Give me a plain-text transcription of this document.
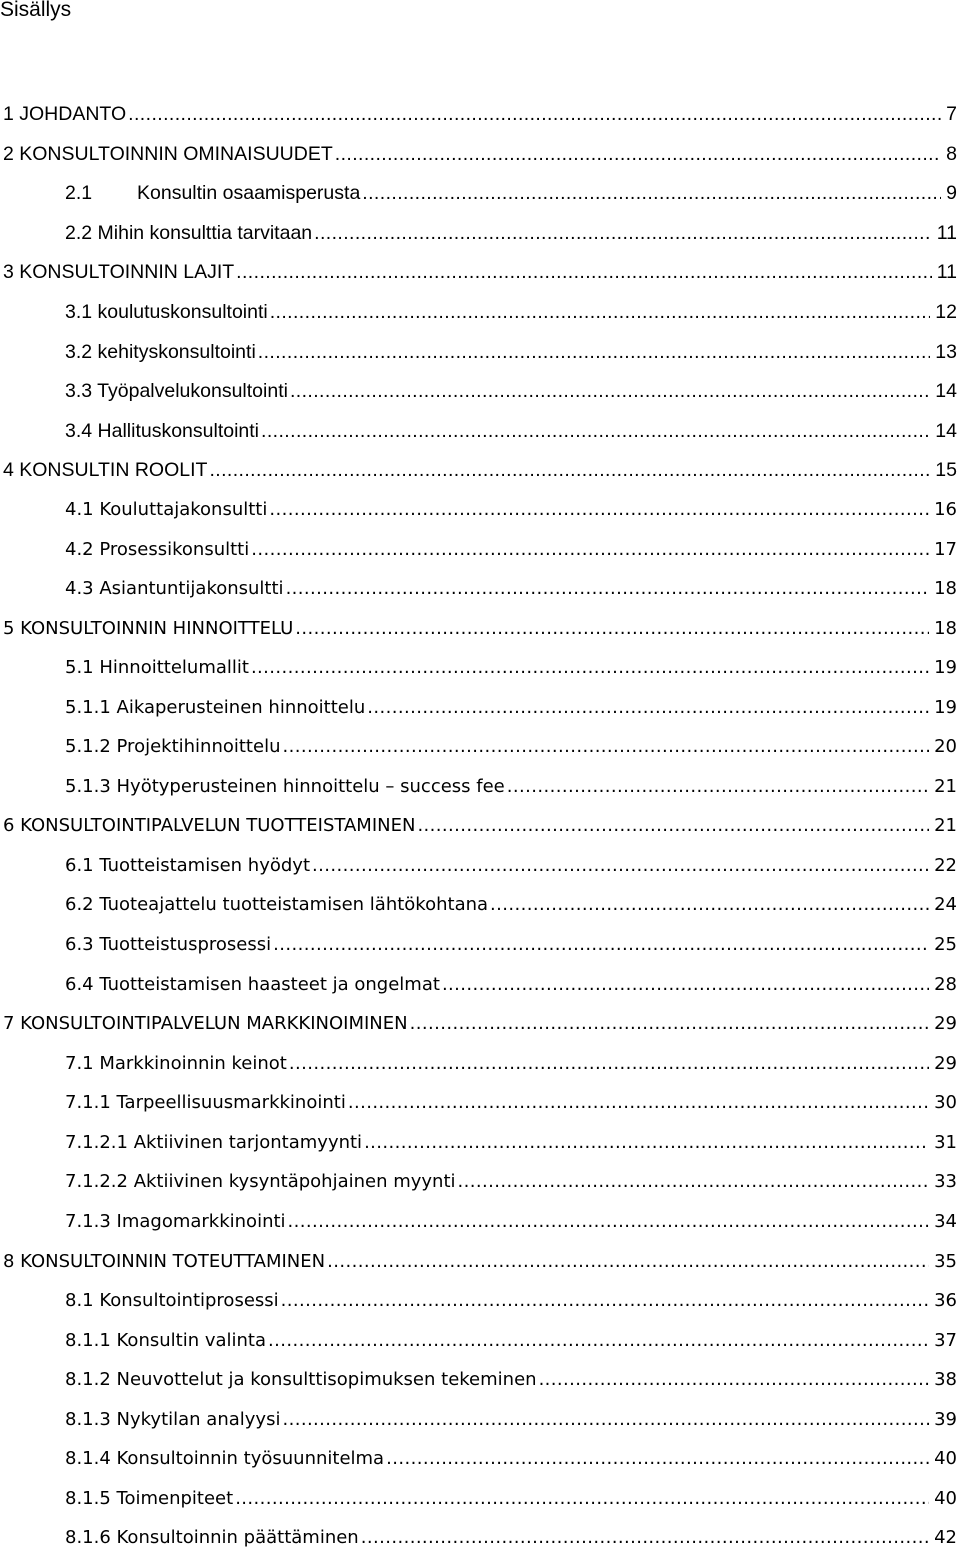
Sisällys
1 JOHDANTO .....	7
2 KONSULTOINNIN OMINAISUUDET .....	8
2.1 Konsultin osaamisperusta .....	9
2.2 Mihin konsulttia tarvitaan .....	11
3 KONSULTOINNIN LAJIT .....	11
3.1 koulutuskonsultointi .....	12
3.2 kehityskonsultointi .....	13
3.3 Työpalvelukonsultointi .....	14
3.4 Hallituskonsultointi .....	14
4 KONSULTIN ROOLIT .....	15
4.1 Kouluttajakonsultti .....	16
4.2 Prosessikonsultti .....	17
4.3 Asiantuntijakonsultti .....	18
5 KONSULTOINNIN HINNOITTELU .....	18
5.1 Hinnoittelumallit .....	19
5.1.1 Aikaperusteinen hinnoittelu .....	19
5.1.2 Projektihinnoittelu .....	20
5.1.3 Hyötyperusteinen hinnoittelu – success fee .....	21
6 KONSULTOINTIPALVELUN TUOTTEISTAMINEN .....	21
6.1 Tuotteistamisen hyödyt .....	22
6.2 Tuoteajattelu tuotteistamisen lähtökohtana .....	24
6.3 Tuotteistusprosessi .....	25
6.4 Tuotteistamisen haasteet ja ongelmat .....	28
7 KONSULTOINTIPALVELUN MARKKINOIMINEN .....	29
7.1 Markkinoinnin keinot .....	29
7.1.1 Tarpeellisuusmarkkinointi .....	30
7.1.2.1 Aktiivinen tarjontamyynti .....	31
7.1.2.2 Aktiivinen kysyntäpohjainen myynti .....	33
7.1.3 Imagomarkkinointi .....	34
8 KONSULTOINNIN TOTEUTTAMINEN .....	35
8.1 Konsultointiprosessi .....	36
8.1.1 Konsultin valinta .....	37
8.1.2 Neuvottelut ja konsulttisopimuksen tekeminen .....	38
8.1.3 Nykytilan analyysi .....	39
8.1.4 Konsultoinnin työsuunnitelma .....	40
8.1.5 Toimenpiteet .....	40
8.1.6 Konsultoinnin päättäminen .....	42
